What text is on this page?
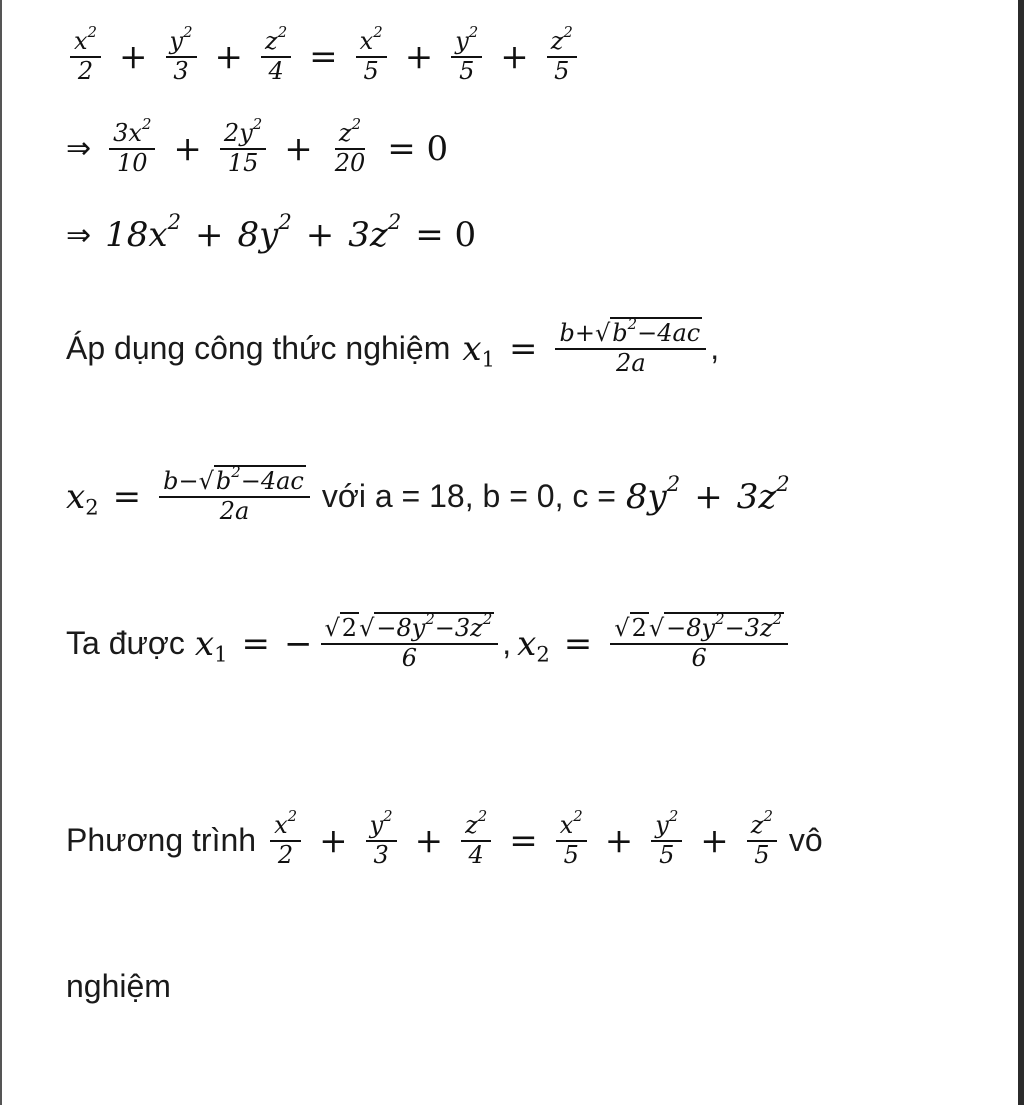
$\frac{x^2}{2} + \frac{y^2}{3} + \frac{z^2}{4} = \frac{x^2}{5} + \frac{y^2}{5} + \frac{z^2}{5}$
⇒ $\frac{3x^2}{10} + \frac{2y^2}{15} + \frac{z^2}{20} = 0$
⇒ $18x^2 + 8y^2 + 3z^2 = 0$
Áp dụng công thức nghiệm $x_1 = \frac{b+√b^2-4ac}{2a}$ ,
$x_2 = \frac{b-√b^2-4ac}{2a}$ với a = 18, b = 0, $c = 8y^2 + 3z^2$
Ta được $x_1$ = − $\frac{√2√-8y^2-3z^2}{6}$ , $x_2 = \frac{√2√-8y^2-3z^2}{6}$
Phương trình $\frac{x^2}{2} + \frac{y^2}{3} + \frac{z^2}{4} = \frac{x^2}{5} + \frac{y^2}{5} + \frac{z^2}{5}$ vô
nghiệm
